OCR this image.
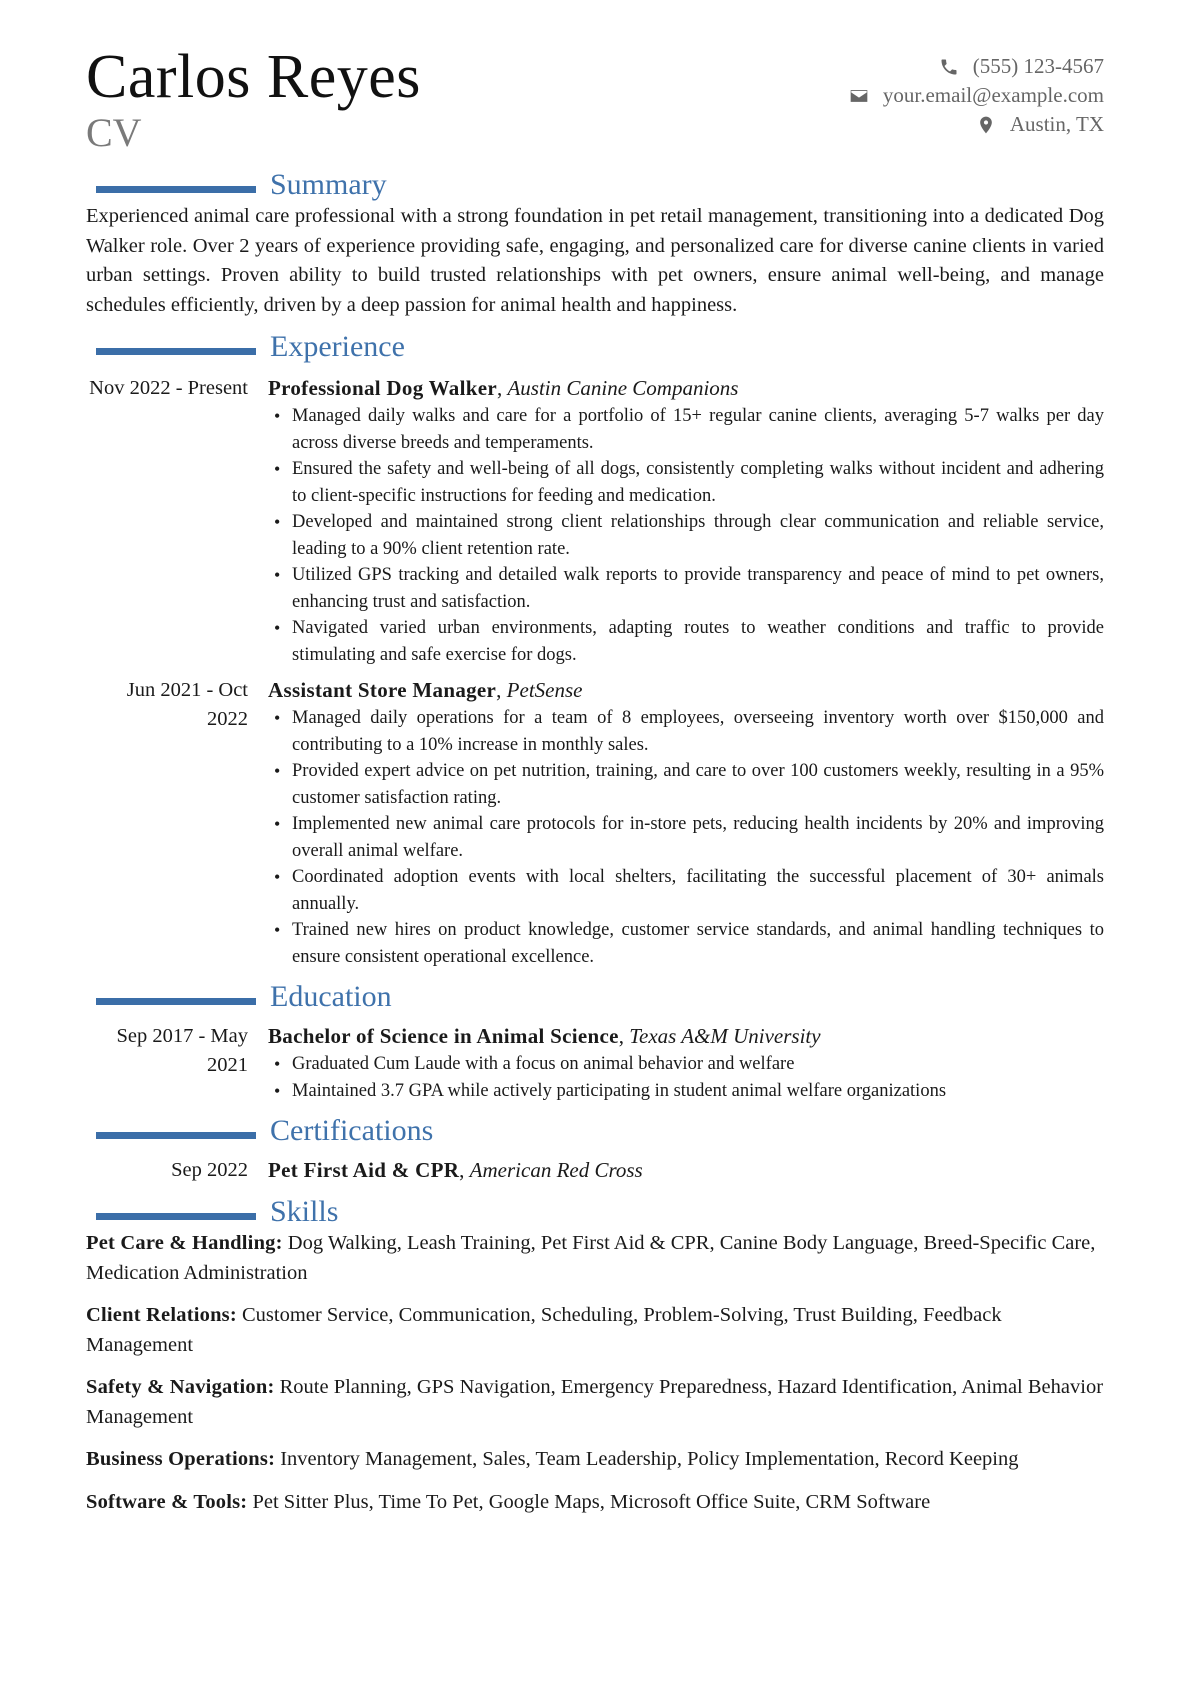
Carlos Reyes
CV
(555) 123-4567
your.email@example.com
Austin, TX
Summary
Experienced animal care professional with a strong foundation in pet retail management, transitioning into a dedicated Dog Walker role. Over 2 years of experience providing safe, engaging, and personalized care for diverse canine clients in varied urban settings. Proven ability to build trusted relationships with pet owners, ensure animal well-being, and manage schedules efficiently, driven by a deep passion for animal health and happiness.
Experience
Nov 2022 - Present Professional Dog Walker, Austin Canine Companions
• Managed daily walks and care for a portfolio of 15+ regular canine clients, averaging 5-7 walks per day across diverse breeds and temperaments.
• Ensured the safety and well-being of all dogs, consistently completing walks without incident and adhering to client-specific instructions for feeding and medication.
• Developed and maintained strong client relationships through clear communication and reliable service, leading to a 90% client retention rate.
• Utilized GPS tracking and detailed walk reports to provide transparency and peace of mind to pet owners, enhancing trust and satisfaction.
• Navigated varied urban environments, adapting routes to weather conditions and traffic to provide stimulating and safe exercise for dogs.
Jun 2021 - Oct 2022
Assistant Store Manager, PetSense
• Managed daily operations for a team of 8 employees, overseeing inventory worth over $150,000 and contributing to a 10% increase in monthly sales.
• Provided expert advice on pet nutrition, training, and care to over 100 customers weekly, resulting in a 95% customer satisfaction rating.
• Implemented new animal care protocols for in-store pets, reducing health incidents by 20% and improving overall animal welfare.
• Coordinated adoption events with local shelters, facilitating the successful placement of 30+ animals annually.
• Trained new hires on product knowledge, customer service standards, and animal handling techniques to ensure consistent operational excellence.
Education
Sep 2017 - May 2021
Bachelor of Science in Animal Science, Texas A&M University
• Graduated Cum Laude with a focus on animal behavior and welfare
• Maintained 3.7 GPA while actively participating in student animal welfare organizations
Certifications
Sep 2022 Pet First Aid & CPR, American Red Cross
Skills
Pet Care & Handling: Dog Walking, Leash Training, Pet First Aid & CPR, Canine Body Language, Breed-Specific Care, Medication Administration
Client Relations: Customer Service, Communication, Scheduling, Problem-Solving, Trust Building, Feedback Management
Safety & Navigation: Route Planning, GPS Navigation, Emergency Preparedness, Hazard Identification, Animal Behavior Management
Business Operations: Inventory Management, Sales, Team Leadership, Policy Implementation, Record Keeping
Software & Tools: Pet Sitter Plus, Time To Pet, Google Maps, Microsoft Office Suite, CRM Software
